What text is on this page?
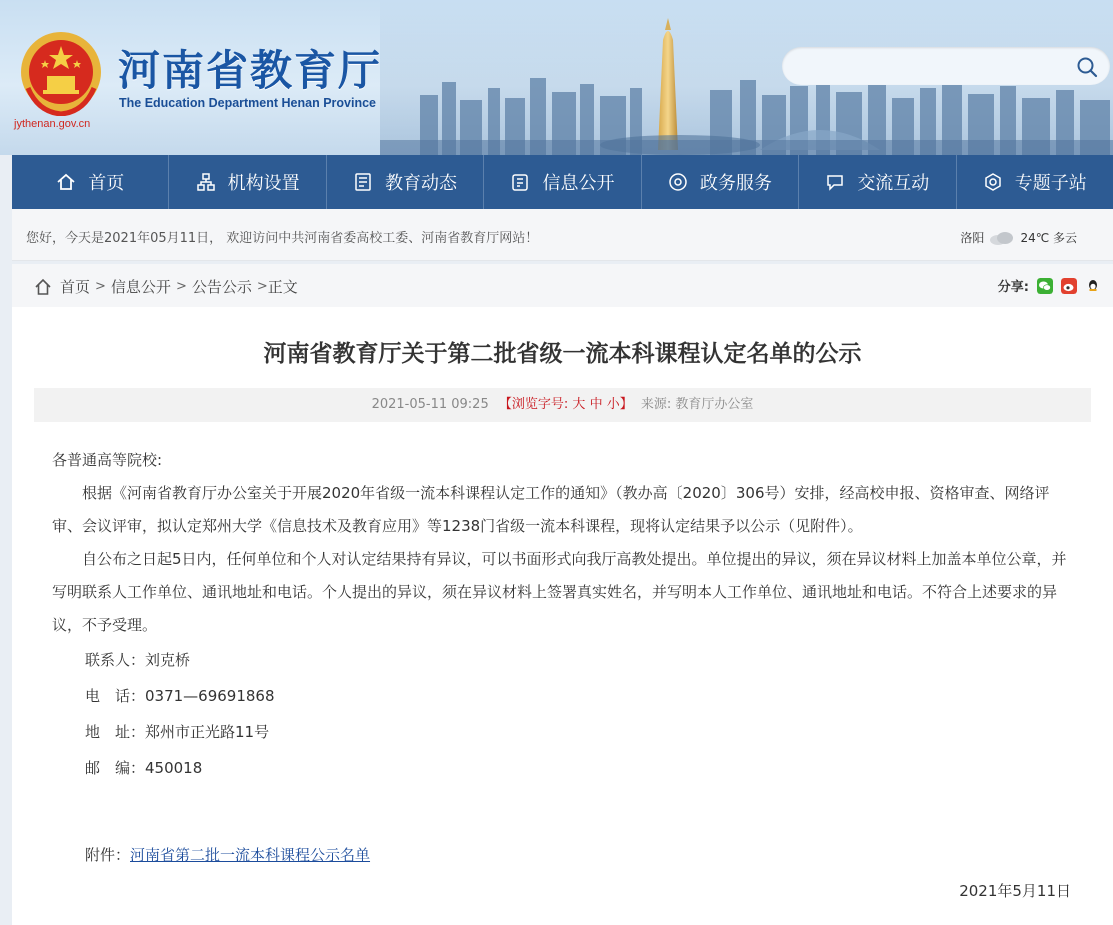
jythenan.gov.cn
河南省教育厅
The Education Department Henan Province
首页	机构设置	教育动态	信息公开	政务服务	交流互动	专题子站
您好，今天是2021年05月11日， 欢迎访问中共河南省委高校工委、河南省教育厅网站！	洛阳	24℃ 多云
首页 > 信息公开 > 公告公示 > 正文	分享:
河南省教育厅关于第二批省级一流本科课程认定名单的公示
2021-05-11 09:25 【浏览字号: 大 中 小】 来源: 教育厅办公室

各普通高等院校:

根据《河南省教育厅办公室关于开展2020年省级一流本科课程认定工作的通知》（教办高〔2020〕306号）安排，经高校申报、资格审查、网络评审、会议评审，拟认定郑州大学《信息技术及教育应用》等1238门省级一流本科课程，现将认定结果予以公示（见附件）。

自公布之日起5日内，任何单位和个人对认定结果持有异议，可以书面形式向我厅高教处提出。单位提出的异议，须在异议材料上加盖本单位公章，并写明联系人工作单位、通讯地址和电话。个人提出的异议，须在异议材料上签署真实姓名，并写明本人工作单位、通讯地址和电话。不符合上述要求的异议，不予受理。

联系人：刘克桥

电　话：0371—69691868

地　址：郑州市正光路11号

邮　编：450018

附件：河南省第二批一流本科课程公示名单
2021年5月11日
